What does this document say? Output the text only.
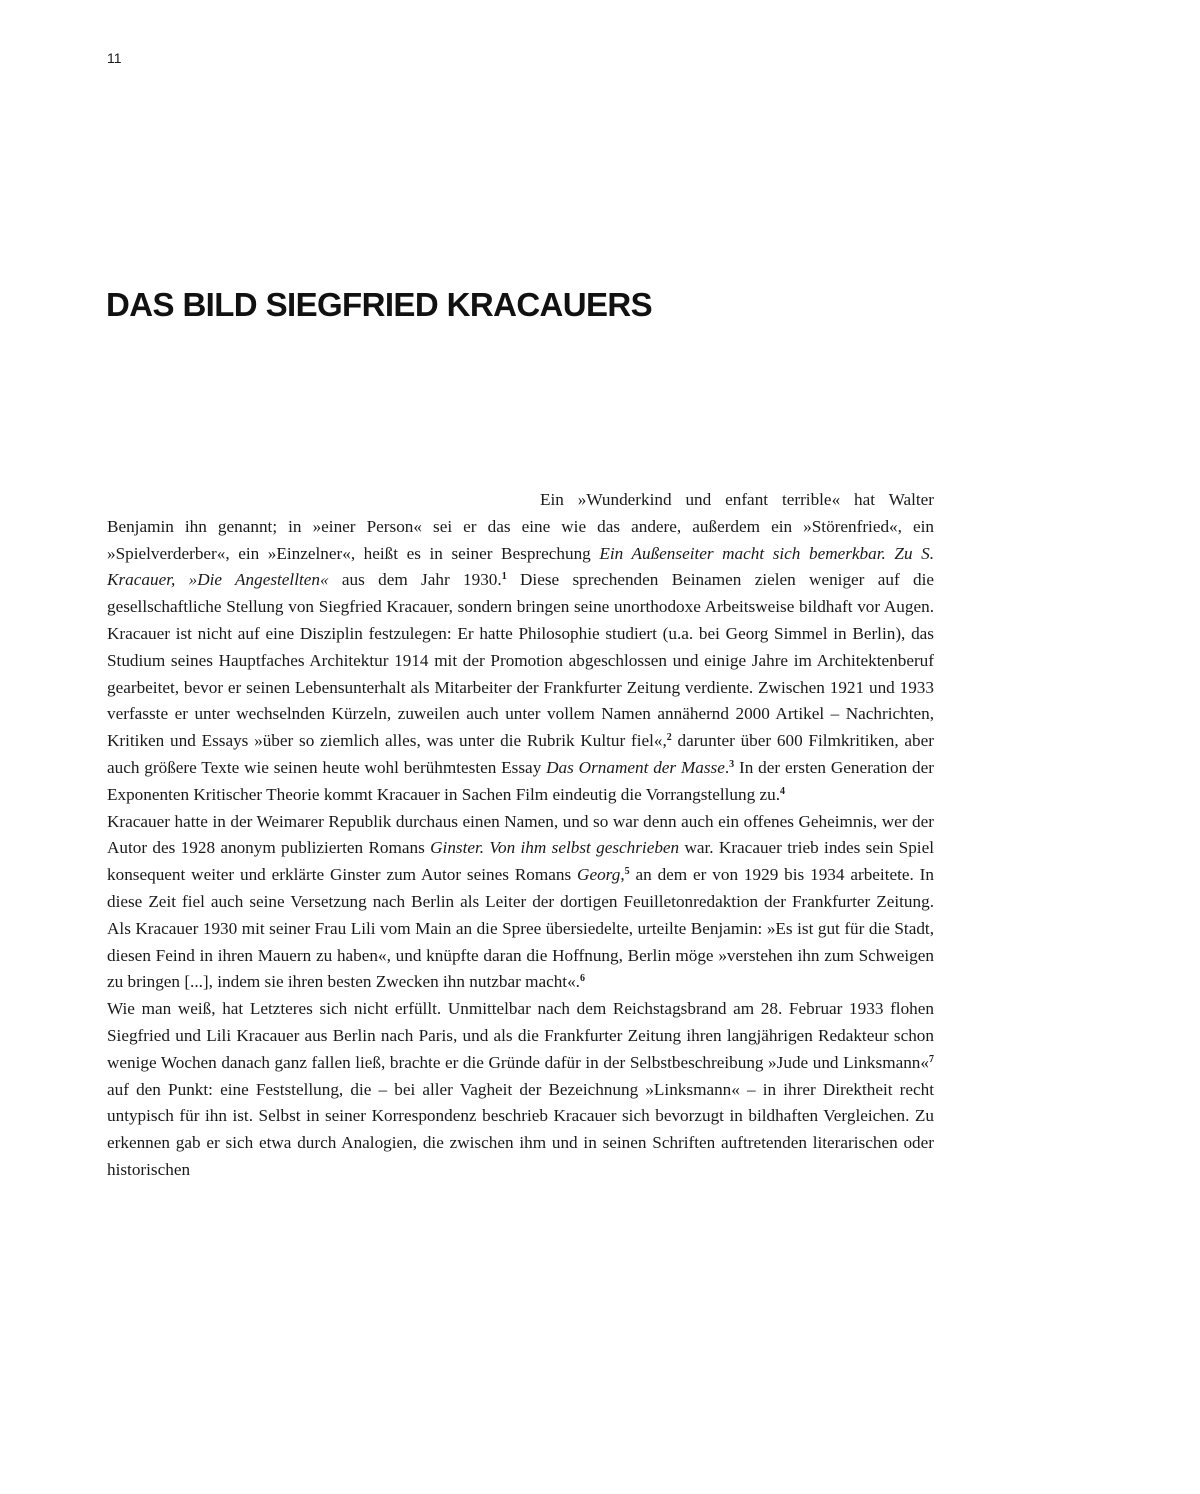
11
DAS BILD SIEGFRIED KRACAUERS

Ein »Wunderkind und enfant terrible« hat Walter Benjamin ihn genannt; in »einer Person« sei er das eine wie das andere, außerdem ein »Störenfried«, ein »Spielverderber«, ein »Einzelner«, heißt es in seiner Besprechung Ein Außenseiter macht sich bemerkbar. Zu S. Kracauer, »Die Angestellten« aus dem Jahr 1930.$^1$ Diese sprechenden Beinamen zielen weniger auf die gesellschaftliche Stellung von Siegfried Kracauer, sondern bringen seine unorthodoxe Arbeitsweise bildhaft vor Augen. Kracauer ist nicht auf eine Disziplin festzulegen: Er hatte Philosophie studiert (u.a. bei Georg Simmel in Berlin), das Studium seines Hauptfaches Architektur 1914 mit der Promotion abgeschlossen und einige Jahre im Architektenberuf gearbeitet, bevor er seinen Lebensunterhalt als Mitarbeiter der Frankfurter Zeitung verdiente. Zwischen 1921 und 1933 verfasste er unter wechselnden Kürzeln, zuweilen auch unter vollem Namen annähernd 2000 Artikel – Nachrichten, Kritiken und Essays »über so ziemlich alles, was unter die Rubrik Kultur fiel«,$^2$ darunter über 600 Filmkritiken, aber auch größere Texte wie seinen heute wohl berühmtesten Essay Das Ornament der Masse.$^3$ In der ersten Generation der Exponenten Kritischer Theorie kommt Kracauer in Sachen Film eindeutig die Vorrangstellung zu.$^4$

Kracauer hatte in der Weimarer Republik durchaus einen Namen, und so war denn auch ein offenes Geheimnis, wer der Autor des 1928 anonym publizierten Romans Ginster. Von ihm selbst geschrieben war. Kracauer trieb indes sein Spiel konsequent weiter und erklärte Ginster zum Autor seines Romans Georg,$^5$ an dem er von 1929 bis 1934 arbeitete. In diese Zeit fiel auch seine Versetzung nach Berlin als Leiter der dortigen Feuilletonredaktion der Frankfurter Zeitung. Als Kracauer 1930 mit seiner Frau Lili vom Main an die Spree übersiedelte, urteilte Benjamin: »Es ist gut für die Stadt, diesen Feind in ihren Mauern zu haben«, und knüpfte daran die Hoffnung, Berlin möge »verstehen ihn zum Schweigen zu bringen [...], indem sie ihren besten Zwecken ihn nutzbar macht«.$^6$

Wie man weiß, hat Letzteres sich nicht erfüllt. Unmittelbar nach dem Reichstagsbrand am 28. Februar 1933 flohen Siegfried und Lili Kracauer aus Berlin nach Paris, und als die Frankfurter Zeitung ihren langjährigen Redakteur schon wenige Wochen danach ganz fallen ließ, brachte er die Gründe dafür in der Selbstbeschreibung »Jude und Linksmann«$^7$ auf den Punkt: eine Feststellung, die – bei aller Vagheit der Bezeichnung »Linksmann« – in ihrer Direktheit recht untypisch für ihn ist. Selbst in seiner Korrespondenz beschrieb Kracauer sich bevorzugt in bildhaften Vergleichen. Zu erkennen gab er sich etwa durch Analogien, die zwischen ihm und in seinen Schriften auftretenden literarischen oder historischen
